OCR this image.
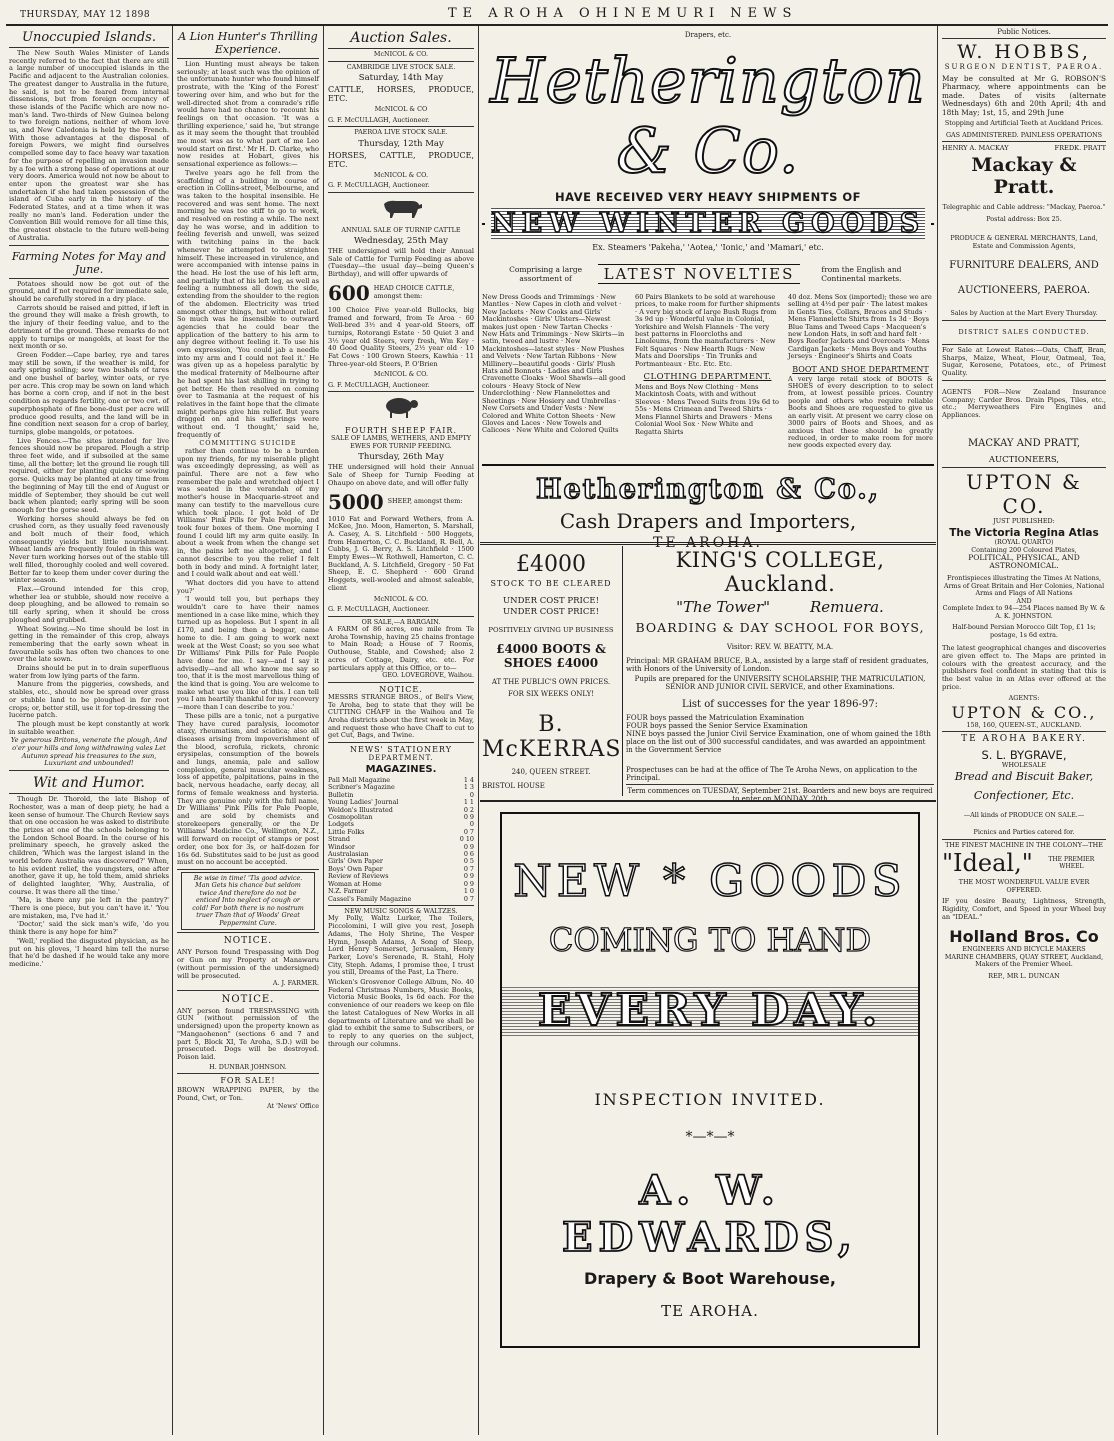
THURSDAY, MAY 12 1898	TE AROHA OHINEMURI NEWS
Unoccupied Islands.

The New South Wales Minister of Lands recently referred to the fact that there are still a large number of unoccupied islands in the Pacific and adjacent to the Australian colonies. The greatest danger to Australia in the future, he said, is not to be feared from internal dissensions, but from foreign occupancy of these islands of the Pacific which are now no-man's land. Two-thirds of New Guinea belong to two foreign nations, neither of whom love us, and New Caledonia is held by the French. With those advantages at the disposal of foreign Powers, we might find ourselves compelled some day to face heavy war taxation for the purpose of repelling an invasion made by a foe with a strong base of operations at our very doors. America would not now be about to enter upon the greatest war she has undertaken if she had taken possession of the island of Cuba early in the history of the Federated States, and at a time when it was really no man's land. Federation under the Convention Bill would remove for all time this, the greatest obstacle to the future well-being of Australia.

Farming Notes for May and June.

Potatoes should now be got out of the ground, and if not required for immediate sale, should be carefully stored in a dry place.

Carrots should be raised and pitted, if left in the ground they will make a fresh growth, to the injury of their feeding value, and to the detriment of the ground. These remarks do not apply to turnips or mangolds, at least for the next month or so.

Green Fodder.—Cape barley, rye and tares may still be sown, if the weather is mild, for early spring soiling; sow two bushels of tares and one bushel of barley, winter oats, or rye per acre. This crop may be sown on land which has borne a corn crop, and if not in the best condition as regards fertility, one or two cwt. of superphosphate of fine bone-dust per acre will produce good results, and the land will be in fine condition next season for a crop of barley, turnips, globe mangolds, or potatoes.

Live Fences.—The sites intended for live fences should now be prepared. Plough a strip three feet wide, and if subsoiled at the same time, all the better; let the ground lie rough till required, either for planting quicks or sowing gorse. Quicks may be planted at any time from the beginning of May till the end of August or middle of September, they should be cut well back when planted; early spring will be soon enough for the gorse seed.

Working horses should always be fed on crushed corn, as they usually feed ravenously and bolt much of their food, which consequently yields but little nourishment. Wheat lands are frequently fouled in this way. Never turn working horses out of the stable till well filled, thoroughly cooled and well covered. Better far to keep them under cover during the winter season.

Flax.—Ground intended for this crop, whether lea or stubble, should now receive a deep ploughing, and be allowed to remain so till early spring, when it should be cross ploughed and grubbed.

Wheat Sowing.—No time should be lost in getting in the remainder of this crop, always remembering that the early sown wheat in favourable soils has often two chances to one over the late sown.

Drains should be put in to drain superfluous water from low lying parts of the farm.

Manure from the piggeries, cowsheds, and stables, etc., should now be spread over grass or stubble land to be ploughed in for root crops; or, better still, use it for top-dressing the lucerne patch.

The plough must be kept constantly at work in suitable weather.

Ye generous Britons, venerate the plough, And o'er your hills and long withdrawing vales Let Autumn spread his treasures to the sun, Luxuriant and unbounded!

Wit and Humor.

Though Dr. Thorold, the late Bishop of Rochester, was a man of deep piety, he had a keen sense of humour. The Church Review says that on one occasion he was asked to distribute the prizes at one of the schools belonging to the London School Board. In the course of his preliminary speech, he gravely asked the children, 'Which was the largest island in the world before Australia was discovered?' When, to his evident relief, the youngsters, one after another, gave it up, he told them, amid shrieks of delighted laughter, 'Why, Australia, of course. It was there all the time.'

'Ma, is there any pie left in the pantry?' 'There is one piece, but you can't have it.' 'You are mistaken, ma, I've had it.'

'Doctor,' said the sick man's wife, 'do you think there is any hope for him?'

'Well,' replied the disgusted physician, as he put on his gloves, 'I heard him tell the nurse that he'd be dashed if he would take any more medicine.'

A Lion Hunter's Thrilling Experience.

Lion Hunting must always be taken seriously; at least such was the opinion of the unfortunate hunter who found himself prostrate, with the 'King of the Forest' towering over him, and who but for the well-directed shot from a comrade's rifle would have had no chance to recount his feelings on that occasion. 'It was a thrilling experience,' said he, 'but strange as it may seem the thought that troubled me most was as to what part of me Leo would start on first.' Mr H. D. Clarke, who now resides at Hobart, gives his sensational experience as follows:—

Twelve years ago he fell from the scaffolding of a building in course of erection in Collins-street, Melbourne, and was taken to the hospital insensible. He recovered and was sent home. The next morning he was too stiff to go to work, and resolved on resting a while. The next day he was worse, and in addition to feeling feverish and unwell, was seized with twitching pains in the back whenever he attempted to straighten himself. These increased in virulence, and were accompanied with intense pains in the head. He lost the use of his left arm, and partially that of his left leg, as well as feeling a numbness all down the side, extending from the shoulder to the region of the abdomen. Electricity was tried amongst other things, but without relief. So much was he insensible to outward agencies that he could bear the application of the battery to his arm to any degree without feeling it. To use his own expression, 'You could jab a needle into my arm and I could not feel it.' He was given up as a hopeless paralytic by the medical fraternity of Melbourne after he had spent his last shilling in trying to get better. He then resolved on coming over to Tasmania at the request of his relatives in the faint hope that the climate might perhaps give him relief. But years dragged on and his sufferings were without end. 'I thought,' said he, frequently of

COMMITTING SUICIDE

rather than continue to be a burden upon my friends, for my miserable plight was exceedingly depressing, as well as painful. There are not a few who remember the pale and wretched object I was seated in the verandah of my mother's house in Macquarie-street and many can testify to the marvellous cure which took place. I got hold of Dr Williams' Pink Pills for Pale People, and took four boxes of them. One morning I found I could lift my arm quite easily. In about a week from when the change set in, the pains left me altogether, and I cannot describe to you the relief I felt both in body and mind. A fortnight later, and I could walk about and eat well.'

'What doctors did you have to attend you?'

'I would tell you, but perhaps they wouldn't care to have their names mentioned in a case like mine, which they turned up as hopeless. But I spent in all £170, and being then a beggar, came home to die. I am going to work next week at the West Coast; so you see what Dr Williams' Pink Pills for Pale People have done for me. I say—and I say it advisedly—and all who know me say so too, that it is the most marvellous thing of the kind that is going. You are welcome to make what use you like of this. I can tell you I am heartily thankful for my recovery—more than I can describe to you.'

These pills are a tonic, not a purgative They have cured paralysis, locomotor ataxy, rheumatism, and sciatica; also all diseases arising from impoverishment of the blood, scrofula, rickets, chronic erysipelas, consumption of the bowels and lungs, anemia, pale and sallow complexion, general muscular weakness, loss of appetite, palpitations, pains in the back, nervous headache, early decay, all forms of female weakness and hysteria. They are genuine only with the full name, Dr Williams' Pink Pills for Pale People, and are sold by chemists and storekeepers generally, or the Dr Williams' Medicine Co., Wellington, N.Z., will forward on receipt of stamps or post order, one box for 3s, or half-dozen for 16s 6d. Substitutes said to be just as good must on no account be accepted.

Be wise in time! 'Tis good advice. Man Gets his chance but seldom twice And therefore do not be enticed Into neglect of cough or cold! For both there is no nostrum truer Than that of Woods' Great Peppermint Cure.
NOTICE.
ANY Person found Trespassing with Dog or Gun on my Property at Manawaru (without permission of the undersigned) will be prosecuted.
A. J. FARMER.
NOTICE.
ANY person found TRESPASSING with GUN (without permission of the undersigned) upon the property known as "Mangaohenon" (sections 6 and 7 and part 5, Block XI, Te Aroha, S.D.) will be prosecuted. Dogs will be destroyed. Poison laid.
H. DUNBAR JOHNSON.
FOR SALE!
BROWN WRAPPING PAPER, by the Pound, Cwt, or Ton.
At 'News' Office
Auction Sales.
McNICOL & CO.
CAMBRIDGE LIVE STOCK SALE.
Saturday, 14th May
CATTLE, HORSES, PRODUCE, ETC.
McNICOL & CO
G. F. McCULLAGH, Auctioneer.
PAEROA LIVE STOCK SALE.
Thursday, 12th May
HORSES, CATTLE, PRODUCE, ETC.
McNICOL & CO.
G. F. McCULLAGH, Auctioneer.
ANNUAL SALE OF TURNIP CATTLE
Wednesday, 25th May
THE undersigned will hold their Annual Sale of Cattle for Turnip Feeding as above (Tuesday—the usual day—being Queen's Birthday), and will offer upwards of
600 HEAD CHOICE CATTLE, amongst them:
100 Choice Five year-old Bullocks, big framed and forward, from Te Aroa · 60 Well-bred 3½ and 4 year-old Steers, off turnips, Rotorangi Estate · 50 Quiet 3 and 3½ year old Steers, very fresh, Wm Key · 40 Good Quality Steers, 2½ year old · 10 Fat Cows · 100 Grown Steers, Kawhia · 11 Three-year-old Steers, P. O'Brien
McNICOL & CO.
G. F. McCULLAGH, Auctioneer.
FOURTH SHEEP FAIR.
SALE OF LAMBS, WETHERS, AND EMPTY EWES FOR TURNIP FEEDING.
Thursday, 26th May
THE undersigned will hold their Annual Sale of Sheep for Turnip Feeding at Ohaupo on above date, and will offer fully
5000 SHEEP, amongst them:
1010 Fat and Forward Wethers, from A. McKee, Jno. Moon, Hamerton, S. Marshall, A. Casey, A. S. Litchfield · 500 Hoggets, from Hamerton, C. C. Buckland, R. Bell, A. Cubbs, J. G. Berry, A. S. Litchfield · 1500 Empty Ewes—W. Rothwell, Hamerton, C. C. Buckland, A. S. Litchfield, Gregory · 50 Fat Sheep, E. C. Shepherd · 600 Grand Hoggets, well-wooled and almost saleable, client
McNICOL & CO.
G. F. McCULLAGH, Auctioneer.
OR SALE,—A BARGAIN.
A FARM of 86 acres, one mile from Te Aroha Township, having 25 chains frontage to Main Road; a House of 7 Rooms, Outhouse, Stable, and Cowshed; also 2 acres of Cottage, Dairy, etc. etc. For particulars apply at this Office, or to—
GEO. LOVEGROVE, Waihou.
NOTICE.
MESSRS STRANGE BROS., of Bell's View, Te Aroha, beg to state that they will be CUTTING CHAFF in the Waihou and Te Aroha districts about the first week in May, and request those who have Chaff to cut to get Cut, Bags, and Twine.
NEWS' STATIONERY
DEPARTMENT.
MAGAZINES.
Pall Mall Magazine	1 4
Scribner's Magazine	1 3
Bulletin	0
Young Ladies' Journal	1 1
Weldon's Illustrated	0 2
Cosmopolitan	0 9
Lodgets	0
Little Folks	0 7
Strand	0 10
Windsor	0 9
Australasian	0 6
Girls' Own Paper	0 5
Boys' Own Paper	0 7
Review of Reviews	0 9
Woman at Home	0 9
N.Z. Farmer	1 0
Cassel's Family Magazine	0 7
NEW MUSIC SONGS & WALTZES.
My Polly, Waltz Lurker, The Toilers, Piccolomini, I will give you rest, Joseph Adams, The Holy Shrine, The Vesper Hymn, Joseph Adams, A Song of Sleep, Lord Henry Somerset, Jerusalem, Henry Parker, Love's Serenade, R. Stahl, Holy City, Steph. Adams, I promise thee, I trust you still, Dreams of the Past, La There.
Wicken's Grosvenor College Album, No. 40 Federal Christmas Numbers, Music Books, Victoria Music Books, 1s 6d each. For the convenience of our readers we keep on file the latest Catalogues of New Works in all departments of Literature and we shall be glad to exhibit the same to Subscribers, or to reply to any queries on the subject, through our columns.
Drapers, etc.
Hetherington & Co.
HAVE RECEIVED VERY HEAVY SHIPMENTS OF
NEW WINTER GOODS
Ex. Steamers 'Pakeha,' 'Aotea,' 'Ionic,' and 'Mamari,' etc.
Comprising a large assortment of	LATEST NOVELTIES	from the English and Continental markets.
New Dress Goods and Trimmings · New Mantles · New Capes in cloth and velvet · New Jackets · New Cooks and Girls' Mackintoshes · Girls' Ulsters—Newest makes just open · New Tartan Checks · New Hats and Trimmings · New Skirts—in satin, tweed and lustre · New Mackintoshes—latest styles · New Plushes and Velvets · New Tartan Ribbons · New Millinery—beautiful goods · Girls' Plush Hats and Bonnets · Ladies and Girls Cravenette Cloaks · Wool Shawls—all good colours · Heavy Stock of New Underclothing · New Flannelettes and Sheetings · New Hosiery and Umbrellas · New Corsets and Under Vests · New Colored and White Cotton Sheets · New Gloves and Laces · New Towels and Calicoes · New White and Colored Quilts
60 Pairs Blankets to be sold at warehouse prices, to make room for further shipments · A very big stock of large Bush Rugs from 3s 9d up · Wonderful value in Colonial, Yorkshire and Welsh Flannels · The very best patterns in Floorcloths and Linoleums, from the manufacturers · New Felt Squares · New Hearth Rugs · New Mats and Doorslips · Tin Trunks and Portmanteaux · Etc. Etc. Etc.
CLOTHING DEPARTMENT.
Mens and Boys New Clothing · Mens Mackintosh Coats, with and without Sleeves · Mens Tweed Suits from 19s 6d to 55s · Mens Crimean and Tweed Shirts · Mens Flannel Shirts and Drawers · Mens Colonial Wool Sox · New White and Regatta Shirts
40 doz. Mens Sox (imported); these we are selling at 4½d per pair · The latest makes in Gents Ties, Collars, Braces and Studs · Mens Flannelette Shirts from 1s 3d · Boys Blue Tams and Tweed Caps · Macqueen's new London Hats, in soft and hard felt · Boys Reefer Jackets and Overcoats · Mens Cardigan Jackets · Mens Boys and Youths Jerseys · Engineer's Shirts and Coats
BOOT AND SHOE DEPARTMENT
A very large retail stock of BOOTS & SHOES of every description to to select from, at lowest possible prices. Country people and others who require reliable Boots and Shoes are requested to give us an early visit. At present we carry close on 3000 pairs of Boots and Shoes, and as anxious that these should be greatly reduced, in order to make room for more new goods expected every day.
Hetherington & Co.,
Cash Drapers and Importers,
TE AROHA.
£4000
STOCK TO BE CLEARED
UNDER COST PRICE! UNDER COST PRICE!
POSITIVELY GIVING UP BUSINESS
£4000 BOOTS & SHOES £4000
AT THE PUBLIC'S OWN PRICES.
FOR SIX WEEKS ONLY!
B. McKERRAS
240, QUEEN STREET.
BRISTOL HOUSE
KING'S COLLEGE, Auckland.
"The Tower"	Remuera.
BOARDING & DAY SCHOOL FOR BOYS,
Visitor: REV. W. BEATTY, M.A.
Principal: MR GRAHAM BRUCE, B.A., assisted by a large staff of resident graduates, with Honors of the University of London.
Pupils are prepared for the UNIVERSITY SCHOLARSHIP, THE MATRICULATION, SENIOR AND JUNIOR CIVIL SERVICE, and other Examinations.
List of successes for the year 1896-97:
FOUR boys passed the Matriculation Examination
FOUR boys passed the Senior Service Examination
NINE boys passed the Junior Civil Service Examination, one of whom gained the 18th place on the list out of 300 successful candidates, and was awarded an appointment in the Government Service
Prospectuses can be had at the office of The Te Aroha News, on application to the Principal.
Term commences on TUESDAY, September 21st. Boarders and new boys are required to enter on MONDAY, 20th
NEW * GOODS
COMING TO HAND
EVERY DAY.
INSPECTION INVITED.
*—*—*
A. W. EDWARDS,
Drapery & Boot Warehouse,
TE AROHA.
Public Notices.
W. HOBBS,
SURGEON DENTIST, PAEROA.
May be consulted at Mr G. ROBSON'S Pharmacy, where appointments can be made. Dates of visits (alternate Wednesdays) 6th and 20th April; 4th and 18th May; 1st, 15, and 29th June
Stopping and Artificial Teeth at Auckland Prices.
GAS ADMINISTERED. PAINLESS OPERATIONS
HENRY A. MACKAY	FREDK. PRATT
Mackay & Pratt.
Telegraphic and Cable address: "Mackay, Paeroa."
Postal address: Box 25.
PRODUCE & GENERAL MERCHANTS, Land, Estate and Commission Agents,
FURNITURE DEALERS, AND
AUCTIONEERS, PAEROA.
Sales by Auction at the Mart Every Thursday.
DISTRICT SALES CONDUCTED.
For Sale at Lowest Rates:—Oats, Chaff, Bran, Sharps, Maize, Wheat, Flour, Oatmeal, Tea, Sugar, Kerosene, Potatoes, etc., of Primest Quality.
AGENTS FOR—New Zealand Insurance Company; Carder Bros. Drain Pipes, Tiles, etc., etc.; Merryweathers Fire Engines and Appliances.
MACKAY AND PRATT,
AUCTIONEERS,
UPTON & CO.
JUST PUBLISHED:
The Victoria Regina Atlas
(ROYAL QUARTO)
Containing 200 Coloured Plates,
POLITICAL, PHYSICAL, AND ASTRONOMICAL.
Frontispieces illustrating the Times At Nations, Arms of Great Britain and Her Colonies, National Arms and Flags of All Nations
AND
Complete Index to 94—254 Places named By W. & A. K. JOHNSTON.
Half-bound Persian Morocco Gilt Top, £1 1s; postage, 1s 6d extra.
The latest geographical changes and discoveries are given effect to. The Maps are printed in colours with the greatest accuracy, and the publishers feel confident in stating that this is the best value in an Atlas ever offered at the price.
AGENTS:
UPTON & CO.,
158, 160, QUEEN-ST., AUCKLAND.
TE AROHA BAKERY.
S. L. BYGRAVE,
WHOLESALE
Bread and Biscuit Baker,
Confectioner, Etc.
—All kinds of PRODUCE ON SALE.—
Picnics and Parties catered for.
THE FINEST MACHINE IN THE COLONY—THE
"Ideal,"	THE PREMIER WHEEL
THE MOST WONDERFUL VALUE EVER OFFERED.
IF you desire Beauty, Lightness, Strength, Rigidity, Comfort, and Speed in your Wheel buy an "IDEAL."
Holland Bros. Co
ENGINEERS AND BICYCLE MAKERS
MARINE CHAMBERS, QUAY STREET, Auckland,
Makers of the Premier Wheel.
REP., MR L. DUNCAN
